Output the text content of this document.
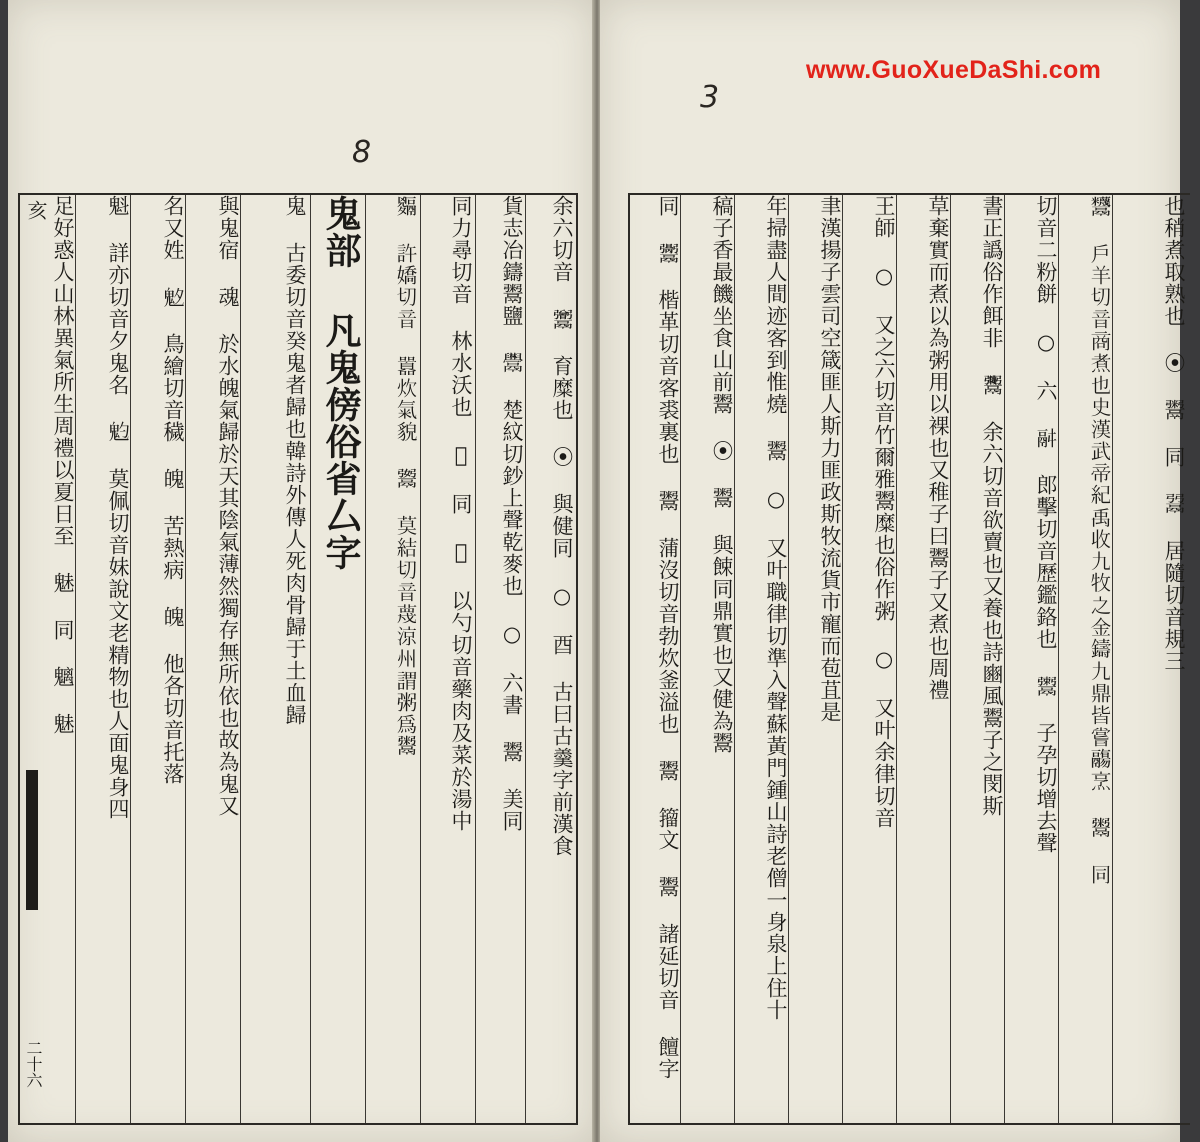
余六切音 𩱭 育糜也 ⦿ 與健同 ○ 酉 古曰古羹字前漢食
貨志冶鑄鬻鹽 𩱬 楚紋切鈔上聲乾麥也 ○ 六書 鬻 美同
同力尋切音 林水沃也 𩰺 同 𩰻 以勺切音藥肉及菜於湯中
𩱅 許嬌切音 囂炊氣貌 𩱆 莫結切音蔑涼州謂粥為鬻
鬼部 凡鬼傍俗省厶字
鬼 古委切音癸鬼者歸也韓詩外傳人死肉骨歸于土血歸
與鬼宿 魂 於水魄氣歸於天其陰氣薄然獨存無所依也故為鬼又
名又姓 𩲁 鳥繪切音穢 魄 苦熱病 魄 他各切音托落
魁 詳亦切音夕鬼名 𩲃 莫佩切音妹說文老精物也人面鬼身四
足好惑人山林異氣所生周禮以夏日至 魅 同 魑 魅
亥
二十六
也稍煮取熟也 ⦿ 鬻 同 𩰲 居隨切音規三
𩱵 戶羊切音商煮也史漢武帝紀禹收九牧之金鑄九鼎皆嘗鬺烹 鬻 同
切音二粉餅 ○ 六 𩰫 郎擊切音歷鑑鉻也 𩱖 子孕切增去聲
書正譌俗作餌非 𩱷 余六切音欲賣也又養也詩豳風鬻子之閔斯
草棄實而煮以為粥用以裸也又稚子曰鬻子又煮也周禮
王師 ○ 又之六切音竹爾雅鬻糜也俗作粥 ○ 又叶余律切音
聿漢揚子雲司空箴匪人斯力匪政斯牧流貨市寵而苞苴是
年掃盡人間迹客到惟燒 鬻 ○ 又叶職律切準入聲蘇黃門鍾山詩老僧一身泉上住十
稿子香最饑坐食山前鬻 ⦿ 鬻 與餗同鼎實也又健為鬻
同 𩱪 楷革切音客裘裏也 鬻 蒲沒切音勃炊釜溢也 鬻 籀文 鬻 諸延切音 饘字
8
3
www.GuoXueDaShi.com
